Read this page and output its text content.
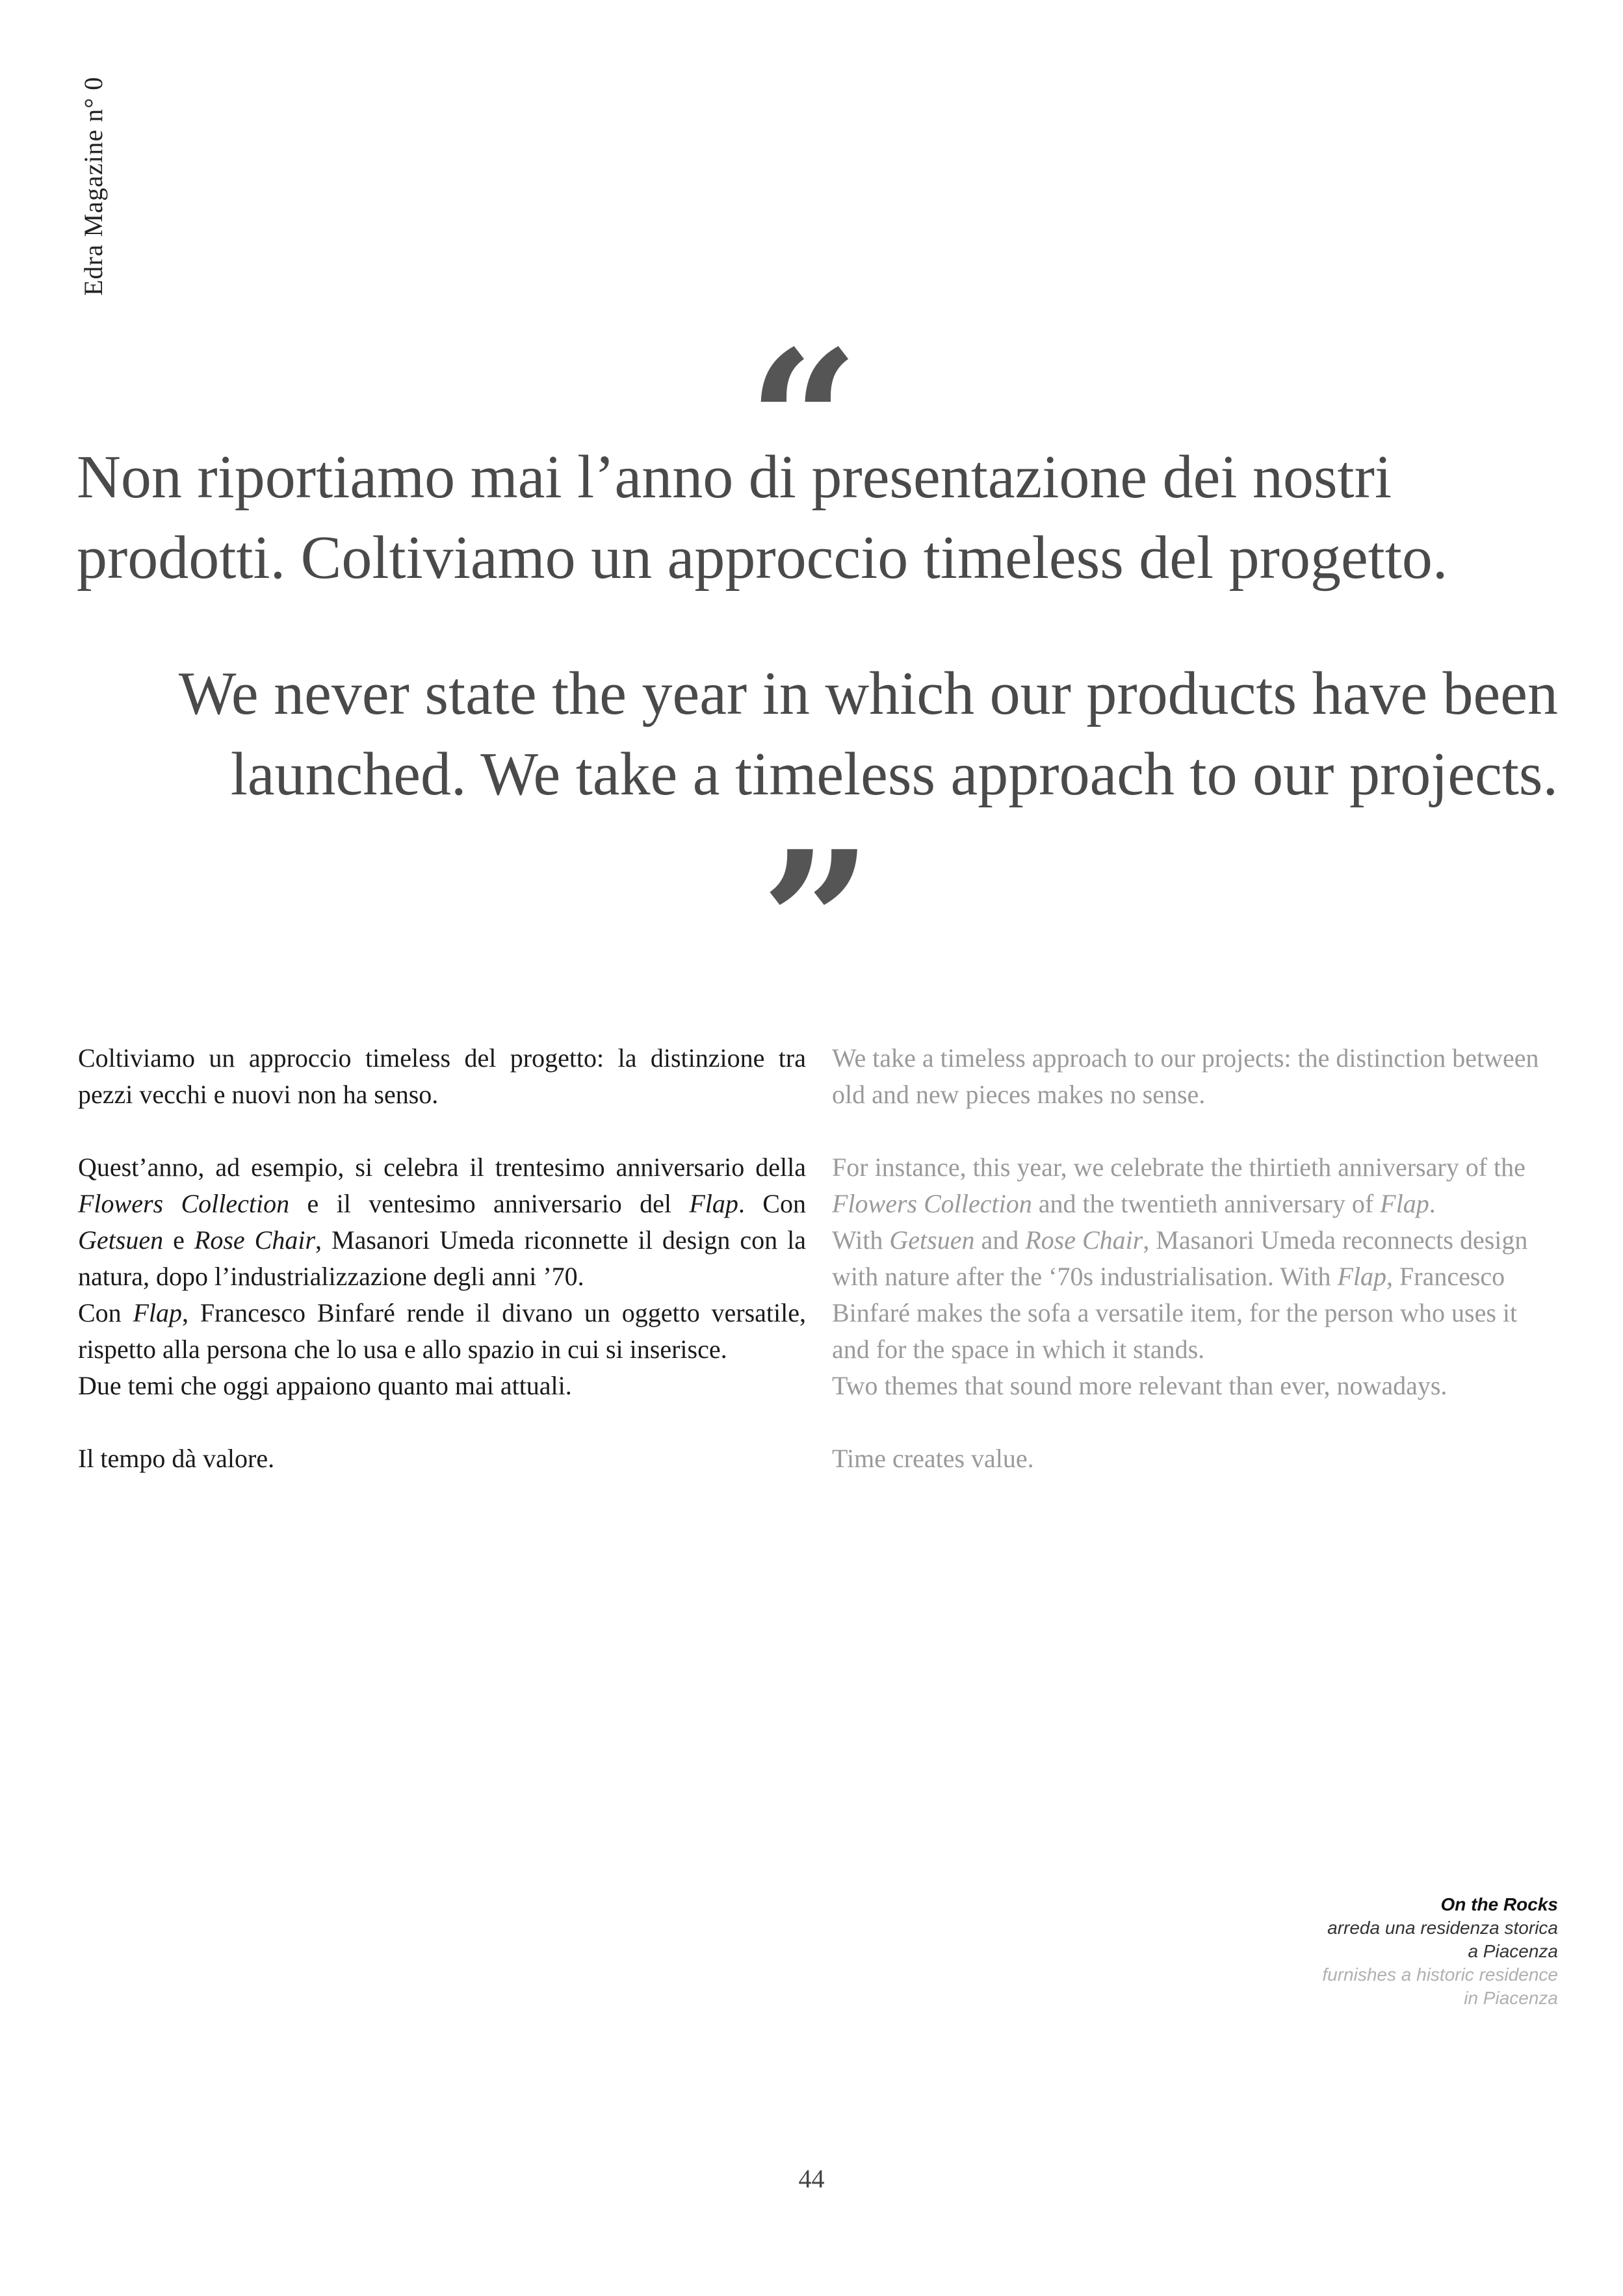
Edra Magazine n° 0
“

Non riportiamo mai l’anno di presentazione dei nostri prodotti. Coltiviamo un approccio timeless del progetto.

We never state the year in which our products have been launched. We take a timeless approach to our projects.

”

Coltiviamo un approccio timeless del progetto: la distinzione tra pezzi vecchi e nuovi non ha senso.

Quest’anno, ad esempio, si celebra il trentesimo anniversario della Flowers Collection e il ventesimo anniversario del Flap. Con Getsuen e Rose Chair, Masanori Umeda riconnette il design con la natura, dopo l’industrializzazione degli anni ’70.
Con Flap, Francesco Binfaré rende il divano un oggetto versatile, rispetto alla persona che lo usa e allo spazio in cui si inserisce.
Due temi che oggi appaiono quanto mai attuali.

Il tempo dà valore.

We take a timeless approach to our projects: the distinction between old and new pieces makes no sense.

For instance, this year, we celebrate the thirtieth anniversary of the Flowers Collection and the twentieth anniversary of Flap.
With Getsuen and Rose Chair, Masanori Umeda reconnects design with nature after the ‘70s industrialisation. With Flap, Francesco Binfaré makes the sofa a versatile item, for the person who uses it and for the space in which it stands.
Two themes that sound more relevant than ever, nowadays.

Time creates value.

On the Rocks
arreda una residenza storica
a Piacenza
furnishes a historic residence
in Piacenza
44
